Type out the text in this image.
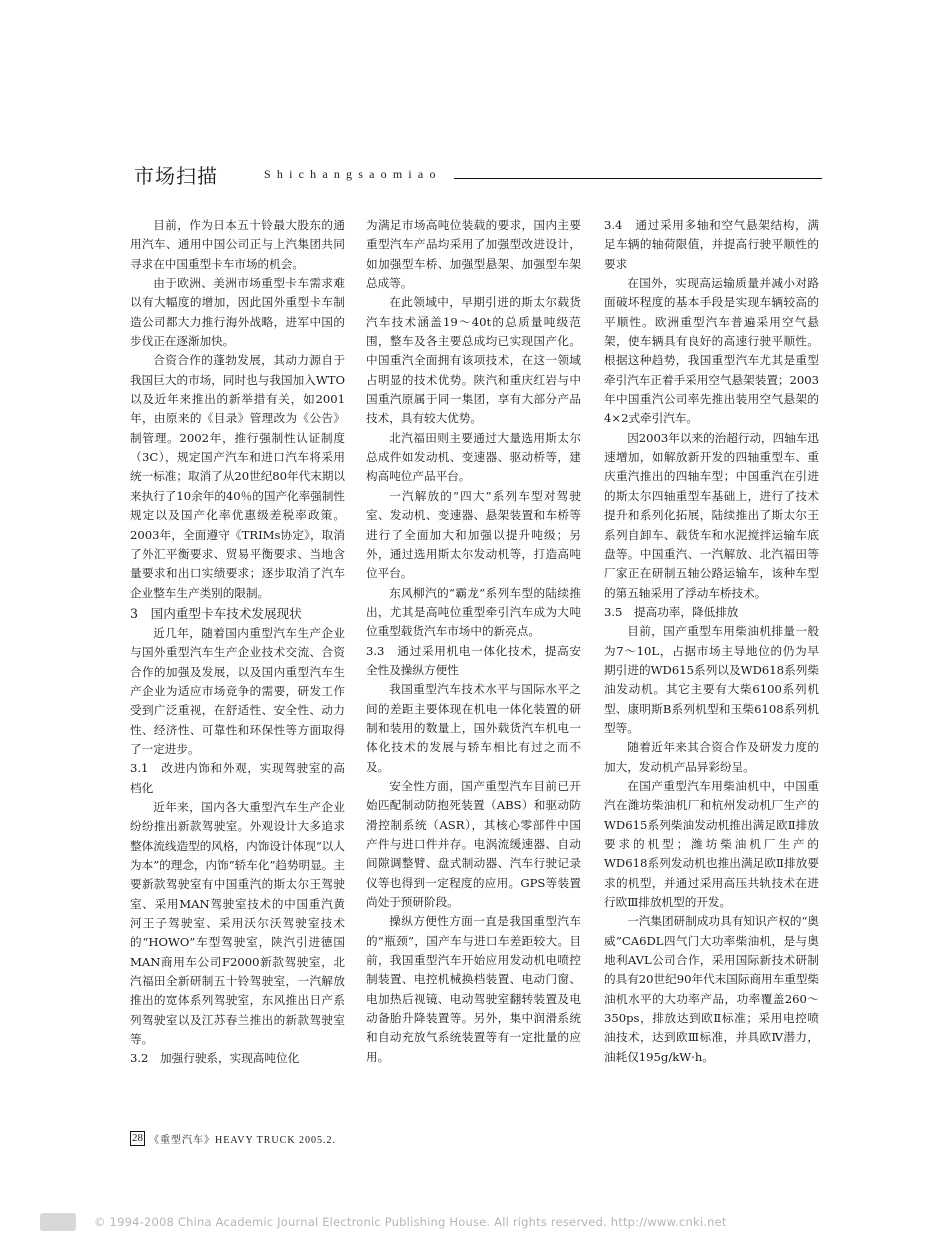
市场扫描	Shichangsaomiao

目前，作为日本五十铃最大股东的通用汽车、通用中国公司正与上汽集团共同寻求在中国重型卡车市场的机会。

由于欧洲、美洲市场重型卡车需求难以有大幅度的增加，因此国外重型卡车制造公司都大力推行海外战略，进军中国的步伐正在逐渐加快。

合资合作的蓬勃发展，其动力源自于我国巨大的市场，同时也与我国加入WTO以及近年来推出的新举措有关，如2001年，由原来的《目录》管理改为《公告》制管理。2002年，推行强制性认证制度（3C），规定国产汽车和进口汽车将采用统一标准；取消了从20世纪80年代末期以来执行了10余年的40％的国产化率强制性规定以及国产化率优惠级差税率政策。2003年，全面遵守《TRIMs协定》，取消了外汇平衡要求、贸易平衡要求、当地含量要求和出口实绩要求；逐步取消了汽车企业整车生产类别的限制。

3　国内重型卡车技术发展现状

近几年，随着国内重型汽车生产企业与国外重型汽车生产企业技术交流、合资合作的加强及发展，以及国内重型汽车生产企业为适应市场竞争的需要，研发工作受到广泛重视，在舒适性、安全性、动力性、经济性、可靠性和环保性等方面取得了一定进步。

3.1　改进内饰和外观，实现驾驶室的高档化

近年来，国内各大重型汽车生产企业纷纷推出新款驾驶室。外观设计大多追求整体流线造型的风格，内饰设计体现“以人为本”的理念，内饰“轿车化”趋势明显。主要新款驾驶室有中国重汽的斯太尔王驾驶室、采用MAN驾驶室技术的中国重汽黄河王子驾驶室、采用沃尔沃驾驶室技术的“HOWO”车型驾驶室，陕汽引进德国MAN商用车公司F2000新款驾驶室，北汽福田全新研制五十铃驾驶室，一汽解放推出的宽体系列驾驶室，东风推出日产系列驾驶室以及江苏春兰推出的新款驾驶室等。

3.2　加强行驶系，实现高吨位化

为满足市场高吨位装载的要求，国内主要重型汽车产品均采用了加强型改进设计，如加强型车桥、加强型悬架、加强型车架总成等。

在此领域中，早期引进的斯太尔载货汽车技术涵盖19～40t的总质量吨级范围，整车及各主要总成均已实现国产化。中国重汽全面拥有该项技术，在这一领域占明显的技术优势。陕汽和重庆红岩与中国重汽原属于同一集团，享有大部分产品技术，具有较大优势。

北汽福田则主要通过大量选用斯太尔总成件如发动机、变速器、驱动桥等，建构高吨位产品平台。

一汽解放的“四大”系列车型对驾驶室、发动机、变速器、悬架装置和车桥等进行了全面加大和加强以提升吨级；另外，通过选用斯太尔发动机等，打造高吨位平台。

东风柳汽的“霸龙”系列车型的陆续推出，尤其是高吨位重型牵引汽车成为大吨位重型载货汽车市场中的新亮点。

3.3　通过采用机电一体化技术，提高安全性及操纵方便性

我国重型汽车技术水平与国际水平之间的差距主要体现在机电一体化装置的研制和装用的数量上，国外载货汽车机电一体化技术的发展与轿车相比有过之而不及。

安全性方面，国产重型汽车目前已开始匹配制动防抱死装置（ABS）和驱动防滑控制系统（ASR），其核心零部件中国产件与进口件并存。电涡流缓速器、自动间隙调整臂、盘式制动器、汽车行驶记录仪等也得到一定程度的应用。GPS等装置尚处于预研阶段。

操纵方便性方面一直是我国重型汽车的“瓶颈”，国产车与进口车差距较大。目前，我国重型汽车开始应用发动机电喷控制装置、电控机械换档装置、电动门窗、电加热后视镜、电动驾驶室翻转装置及电动备胎升降装置等。另外，集中润滑系统和自动充放气系统装置等有一定批量的应用。

3.4　通过采用多轴和空气悬架结构，满足车辆的轴荷限值，并提高行驶平顺性的要求

在国外，实现高运输质量并减小对路面破坏程度的基本手段是实现车辆较高的平顺性。欧洲重型汽车普遍采用空气悬架，使车辆具有良好的高速行驶平顺性。根据这种趋势，我国重型汽车尤其是重型牵引汽车正着手采用空气悬架装置；2003年中国重汽公司率先推出装用空气悬架的4×2式牵引汽车。

因2003年以来的治超行动，四轴车迅速增加，如解放新开发的四轴重型车、重庆重汽推出的四轴车型；中国重汽在引进的斯太尔四轴重型车基础上，进行了技术提升和系列化拓展，陆续推出了斯太尔王系列自卸车、载货车和水泥搅拌运输车底盘等。中国重汽、一汽解放、北汽福田等厂家正在研制五轴公路运输车，该种车型的第五轴采用了浮动车桥技术。

3.5　提高功率，降低排放

目前，国产重型车用柴油机排量一般为7～10L，占据市场主导地位的仍为早期引进的WD615系列以及WD618系列柴油发动机。其它主要有大柴6100系列机型、康明斯B系列机型和玉柴6108系列机型等。

随着近年来其合资合作及研发力度的加大，发动机产品异彩纷呈。

在国产重型汽车用柴油机中，中国重汽在潍坊柴油机厂和杭州发动机厂生产的WD615系列柴油发动机推出满足欧Ⅱ排放要求的机型；潍坊柴油机厂生产的WD618系列发动机也推出满足欧Ⅱ排放要求的机型，并通过采用高压共轨技术在进行欧Ⅲ排放机型的开发。

一汽集团研制成功具有知识产权的“奥威”CA6DL四气门大功率柴油机，是与奥地利AVL公司合作，采用国际新技术研制的具有20世纪90年代末国际商用车重型柴油机水平的大功率产品，功率覆盖260～350ps，排放达到欧Ⅱ标准；采用电控喷油技术，达到欧Ⅲ标准，并具欧Ⅳ潜力，油耗仅195g/kW·h。

28 《重型汽车》HEAVY TRUCK 2005.2.
© 1994-2008 China Academic Journal Electronic Publishing House. All rights reserved. http://www.cnki.net
